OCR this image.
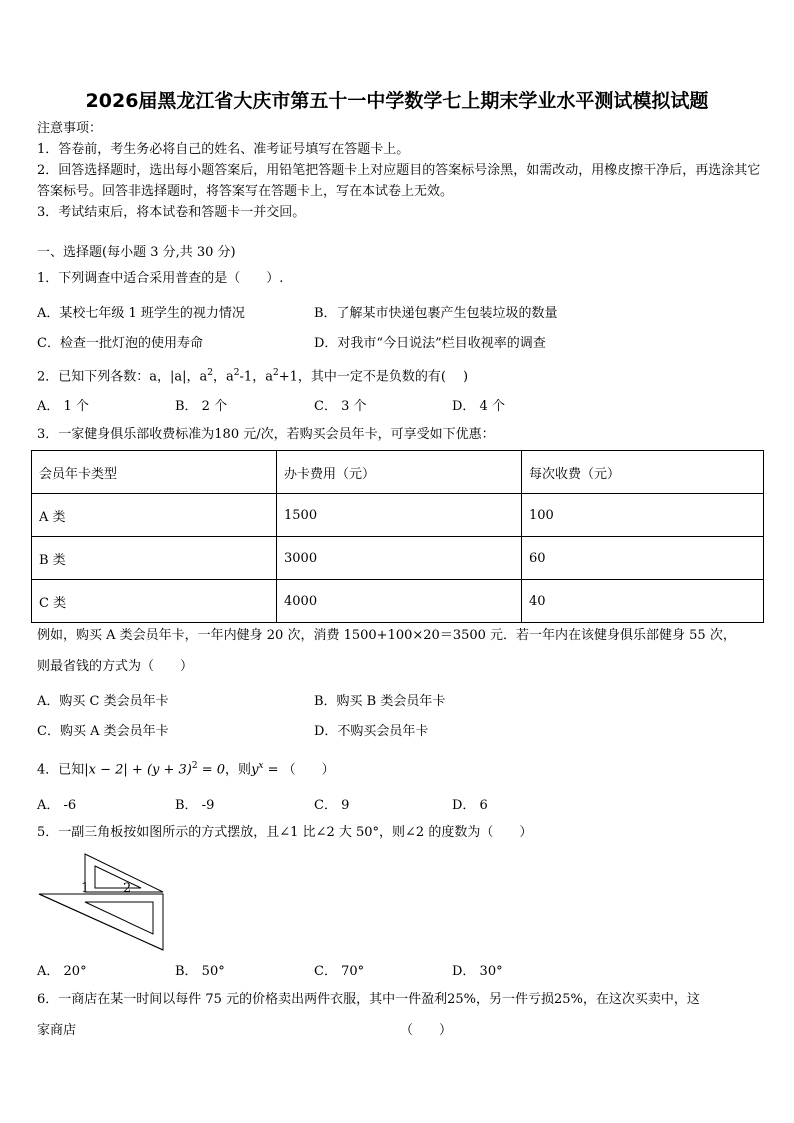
2026届黑龙江省大庆市第五十一中学数学七上期末学业水平测试模拟试题
注意事项：
1．答卷前，考生务必将自己的姓名、准考证号填写在答题卡上。
2．回答选择题时，选出每小题答案后，用铅笔把答题卡上对应题目的答案标号涂黑，如需改动，用橡皮擦干净后，再选涂其它答案标号。回答非选择题时，将答案写在答题卡上，写在本试卷上无效。
3．考试结束后，将本试卷和答题卡一并交回。
一、选择题(每小题 3 分,共 30 分)
1．下列调查中适合采用普查的是（　　）.
A．某校七年级 1 班学生的视力情况	B．了解某市快递包裹产生包装垃圾的数量
C．检查一批灯泡的使用寿命	D．对我市“今日说法”栏目收视率的调查
2．已知下列各数：a，|a|，$a^2$，$a^2-1$，$a^2+1$，其中一定不是负数的有(　 )
A． 1 个	B． 2 个	C． 3 个	D． 4 个
3．一家健身俱乐部收费标准为180 元/次，若购买会员年卡，可享受如下优惠：
会员年卡类型	办卡费用（元）	每次收费（元）
A 类	1500	100
B 类	3000	60
C 类	4000	40
例如，购买 A 类会员年卡，一年内健身 20 次，消费 1500+100×20＝3500 元．若一年内在该健身俱乐部健身 55 次，
则最省钱的方式为（　　）
A．购买 C 类会员年卡	B．购买 B 类会员年卡
C．购买 A 类会员年卡	D．不购买会员年卡
4．已知$|x - 2| + (y + 3)^2 = 0$，则$y^x$ = （　　）
A． -6	B． -9	C． 9	D． 6
5．一副三角板按如图所示的方式摆放，且∠1 比∠2 大 50°，则∠2 的度数为（　　）
1	2
A． 20°	B． 50°	C． 70°	D． 30°
6．一商店在某一时间以每件 75 元的价格卖出两件衣服，其中一件盈利25%，另一件亏损25%，在这次买卖中，这
家商店	（　　）
